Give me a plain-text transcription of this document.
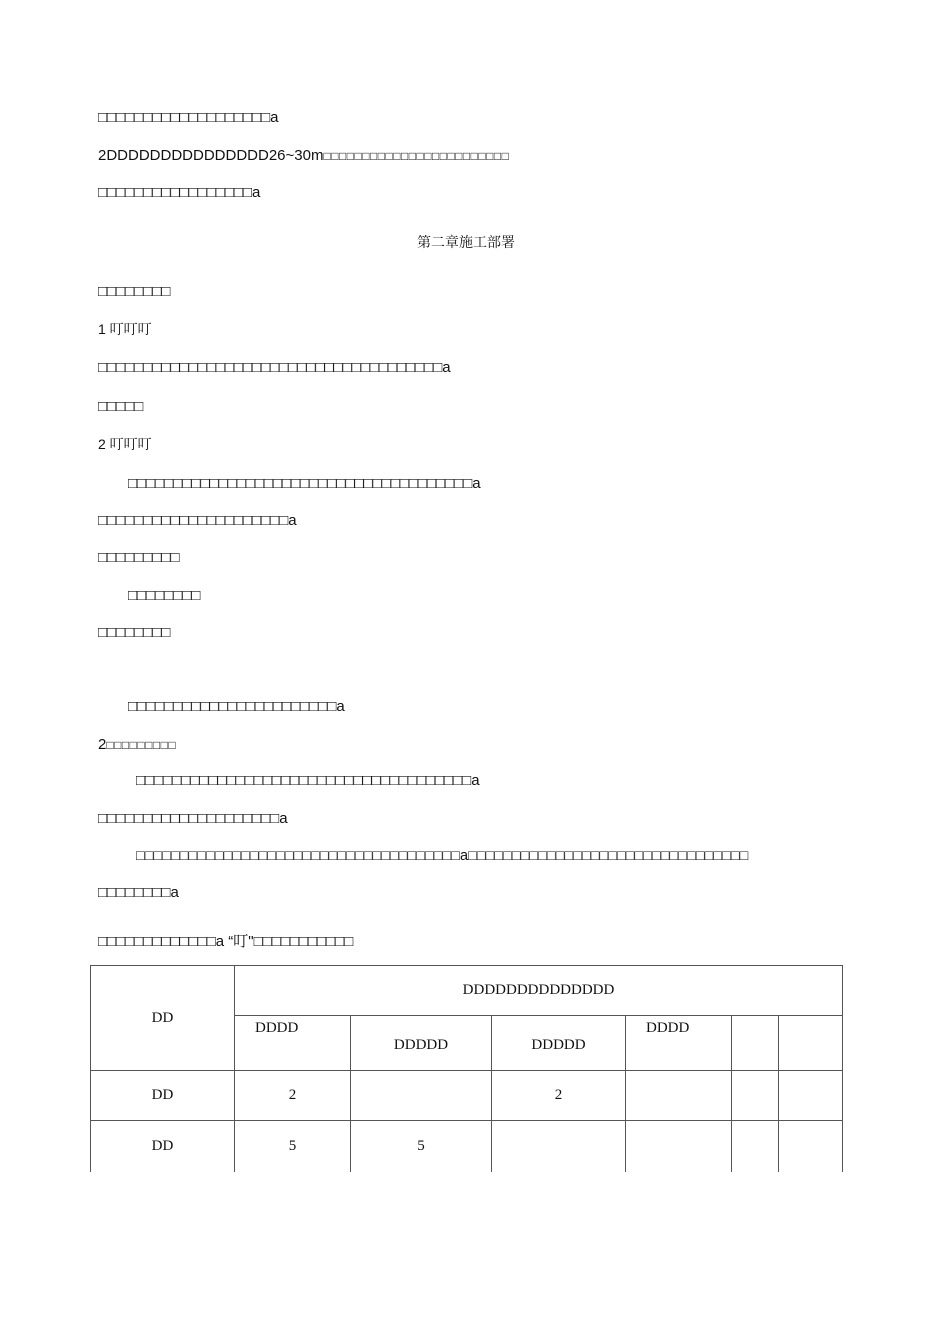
□□□□□□□□□□□□□□□□□□□a
2DDDDDDDDDDDDDDD26~30m□□□□□□□□□□□□□□□□□□□□□□□□
□□□□□□□□□□□□□□□□□a
第二章施工部署
□□□□□□□□
1 叮叮叮
□□□□□□□□□□□□□□□□□□□□□□□□□□□□□□□□□□□□□□a
□□□□□
2 叮叮叮
□□□□□□□□□□□□□□□□□□□□□□□□□□□□□□□□□□□□□□a
□□□□□□□□□□□□□□□□□□□□□a
□□□□□□□□□
□□□□□□□□
□□□□□□□□
□□□□□□□□□□□□□□□□□□□□□□□a
2□□□□□□□□□
□□□□□□□□□□□□□□□□□□□□□□□□□□□□□□□□□□□□□a
□□□□□□□□□□□□□□□□□□□□a
□□□□□□□□□□□□□□□□□□□□□□□□□□□□□□□□□□□□□a□□□□□□□□□□□□□□□□□□□□□□□□□□□□□□□□
□□□□□□□□a
□□□□□□□□□□□□□a “叮"□□□□□□□□□□□
DD	DDDDDDDDDDDDDD					
	DDDD	DDDDD	DDDDD	DDDD		
DD	2		2			
DD	5	5				
